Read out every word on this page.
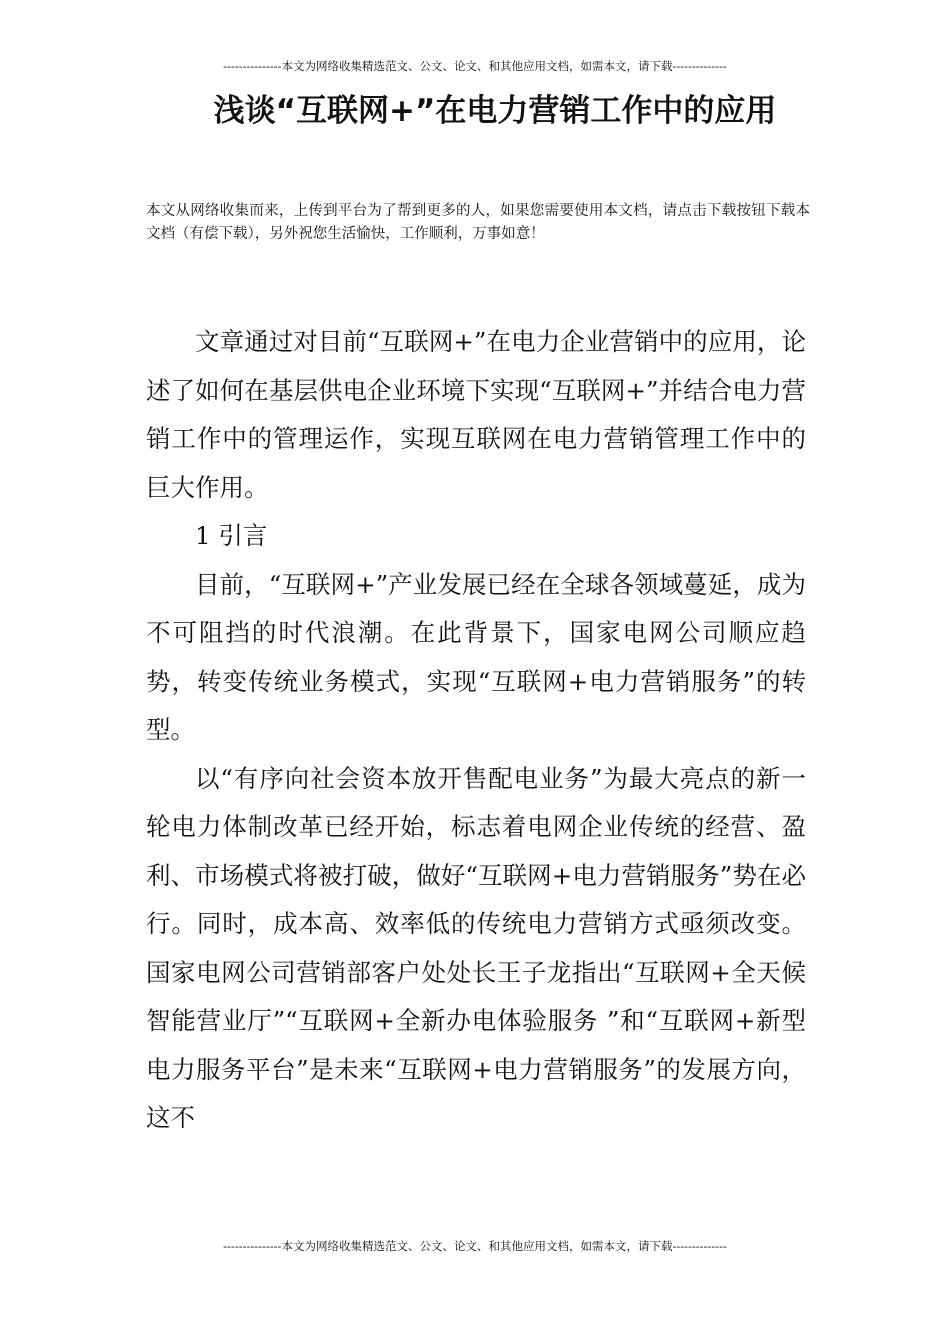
---------------本文为网络收集精选范文、公文、论文、和其他应用文档，如需本文，请下载--------------
浅谈“互联网+”在电力营销工作中的应用
本文从网络收集而来，上传到平台为了帮到更多的人，如果您需要使用本文档，请点击下载按钮下载本文档（有偿下载），另外祝您生活愉快，工作顺利，万事如意！

文章通过对目前“互联网+”在电力企业营销中的应用，论述了如何在基层供电企业环境下实现“互联网+”并结合电力营销工作中的管理运作，实现互联网在电力营销管理工作中的巨大作用。

1 引言

目前，“互联网+”产业发展已经在全球各领域蔓延，成为不可阻挡的时代浪潮。在此背景下，国家电网公司顺应趋势，转变传统业务模式，实现“互联网+电力营销服务”的转型。

以“有序向社会资本放开售配电业务”为最大亮点的新一轮电力体制改革已经开始，标志着电网企业传统的经营、盈利、市场模式将被打破，做好“互联网+电力营销服务”势在必行。同时，成本高、效率低的传统电力营销方式亟须改变。国家电网公司营销部客户处处长王子龙指出“互联网+全天候智能营业厅”“互联网+全新办电体验服务 ”和“互联网+新型电力服务平台”是未来“互联网+电力营销服务”的发展方向，这不

---------------本文为网络收集精选范文、公文、论文、和其他应用文档，如需本文，请下载--------------
